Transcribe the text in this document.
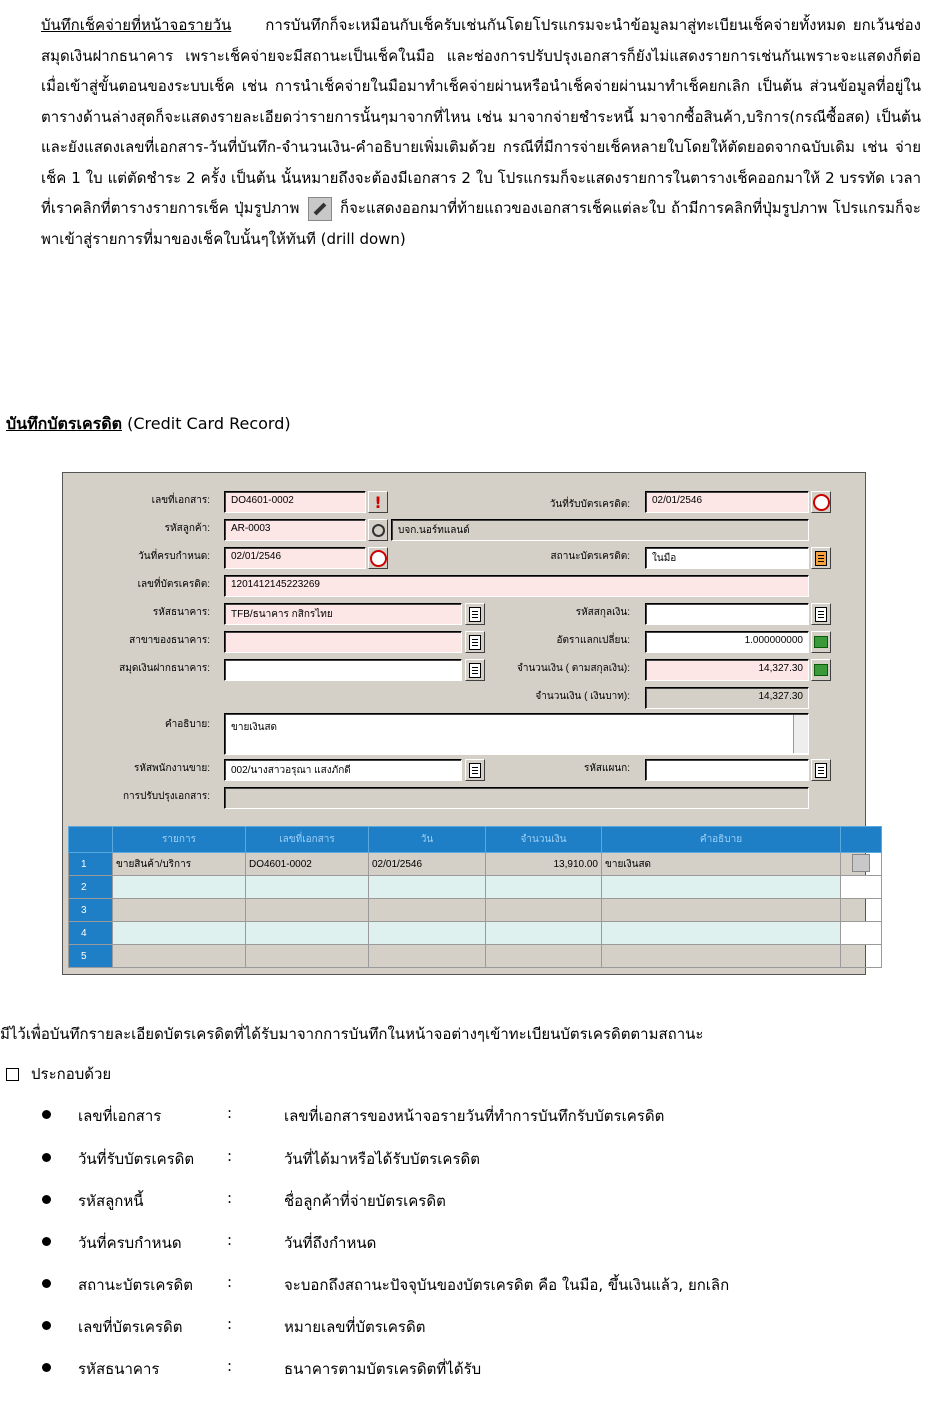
บันทึกเช็คจ่ายที่หน้าจอรายวัน การบันทึกก็จะเหมือนกับเช็ครับเช่นกันโดยโปรแกรมจะนำข้อมูลมาสู่ทะเบียนเช็คจ่ายทั้งหมด ยกเว้นช่องสมุดเงินฝากธนาคาร เพราะเช็คจ่ายจะมีสถานะเป็นเช็คในมือ และช่องการปรับปรุงเอกสารก็ยังไม่แสดงรายการเช่นกันเพราะจะแสดงก็ต่อเมื่อเข้าสู่ขั้นตอนของระบบเช็ค เช่น การนำเช็คจ่ายในมือมาทำเช็คจ่ายผ่านหรือนำเช็คจ่ายผ่านมาทำเช็คยกเลิก เป็นต้น ส่วนข้อมูลที่อยู่ในตารางด้านล่างสุดก็จะแสดงรายละเอียดว่ารายการนั้นๆมาจากที่ไหน เช่น มาจากจ่ายชำระหนี้ มาจากซื้อสินค้า,บริการ(กรณีซื้อสด) เป็นต้น และยังแสดงเลขที่เอกสาร-วันที่บันทึก-จำนวนเงิน-คำอธิบายเพิ่มเติมด้วย กรณีที่มีการจ่ายเช็คหลายใบโดยให้ตัดยอดจากฉบับเดิม เช่น จ่ายเช็ค 1 ใบ แต่ตัดชำระ 2 ครั้ง เป็นต้น นั้นหมายถึงจะต้องมีเอกสาร 2 ใบ โปรแกรมก็จะแสดงรายการในตารางเช็คออกมาให้ 2 บรรทัด เวลาที่เราคลิกที่ตารางรายการเช็ค ปุ่มรูปภาพ	ก็จะแสดงออกมาที่ท้ายแถวของเอกสารเช็คแต่ละใบ ถ้ามีการคลิกที่ปุ่มรูปภาพ โปรแกรมก็จะพาเข้าสู่รายการที่มาของเช็คใบนั้นๆให้ทันที (drill down)
บันทึกบัตรเครดิต (Credit Card Record)
เลขที่เอกสาร:	DO4601-0002	!	วันที่รับบัตรเครดิต:	02/01/2546
รหัสลูกค้า:	AR-0003	บจก.นอร์ทแลนด์
วันที่ครบกำหนด:	02/01/2546	สถานะบัตรเครดิต:	ในมือ
เลขที่บัตรเครดิต:	1201412145223269
รหัสธนาคาร:	TFB/ธนาคาร กสิกรไทย	รหัสสกุลเงิน:
สาขาของธนาคาร:	อัตราแลกเปลี่ยน:	1.000000000
สมุดเงินฝากธนาคาร:	จำนวนเงิน ( ตามสกุลเงิน):	14,327.30
จำนวนเงิน ( เงินบาท):	14,327.30
คำอธิบาย:	ขายเงินสด
รหัสพนักงานขาย:	002/นางสาวอรุณา แสงภักดี	รหัสแผนก:
การปรับปรุงเอกสาร:
	รายการ	เลขที่เอกสาร	วัน	จำนวนเงิน	คำอธิบาย	
1	ขายสินค้า/บริการ	DO4601-0002	02/01/2546	13,910.00	ขายเงินสด	
2						
3						
4						
5						
มีไว้เพื่อบันทึกรายละเอียดบัตรเครดิตที่ได้รับมาจากการบันทึกในหน้าจอต่างๆเข้าทะเบียนบัตรเครดิตตามสถานะ
ประกอบด้วย
เลขที่เอกสาร	:	เลขที่เอกสารของหน้าจอรายวันที่ทำการบันทึกรับบัตรเครดิต
วันที่รับบัตรเครดิต :	วันที่ได้มาหรือได้รับบัตรเครดิต
รหัสลูกหนี้	:	ชื่อลูกค้าที่จ่ายบัตรเครดิต
วันที่ครบกำหนด	:	วันที่ถึงกำหนด
สถานะบัตรเครดิต :	จะบอกถึงสถานะปัจจุบันของบัตรเครดิต คือ ในมือ, ขึ้นเงินแล้ว, ยกเลิก
เลขที่บัตรเครดิต	:	หมายเลขที่บัตรเครดิต
รหัสธนาคาร	:	ธนาคารตามบัตรเครดิตที่ได้รับ
